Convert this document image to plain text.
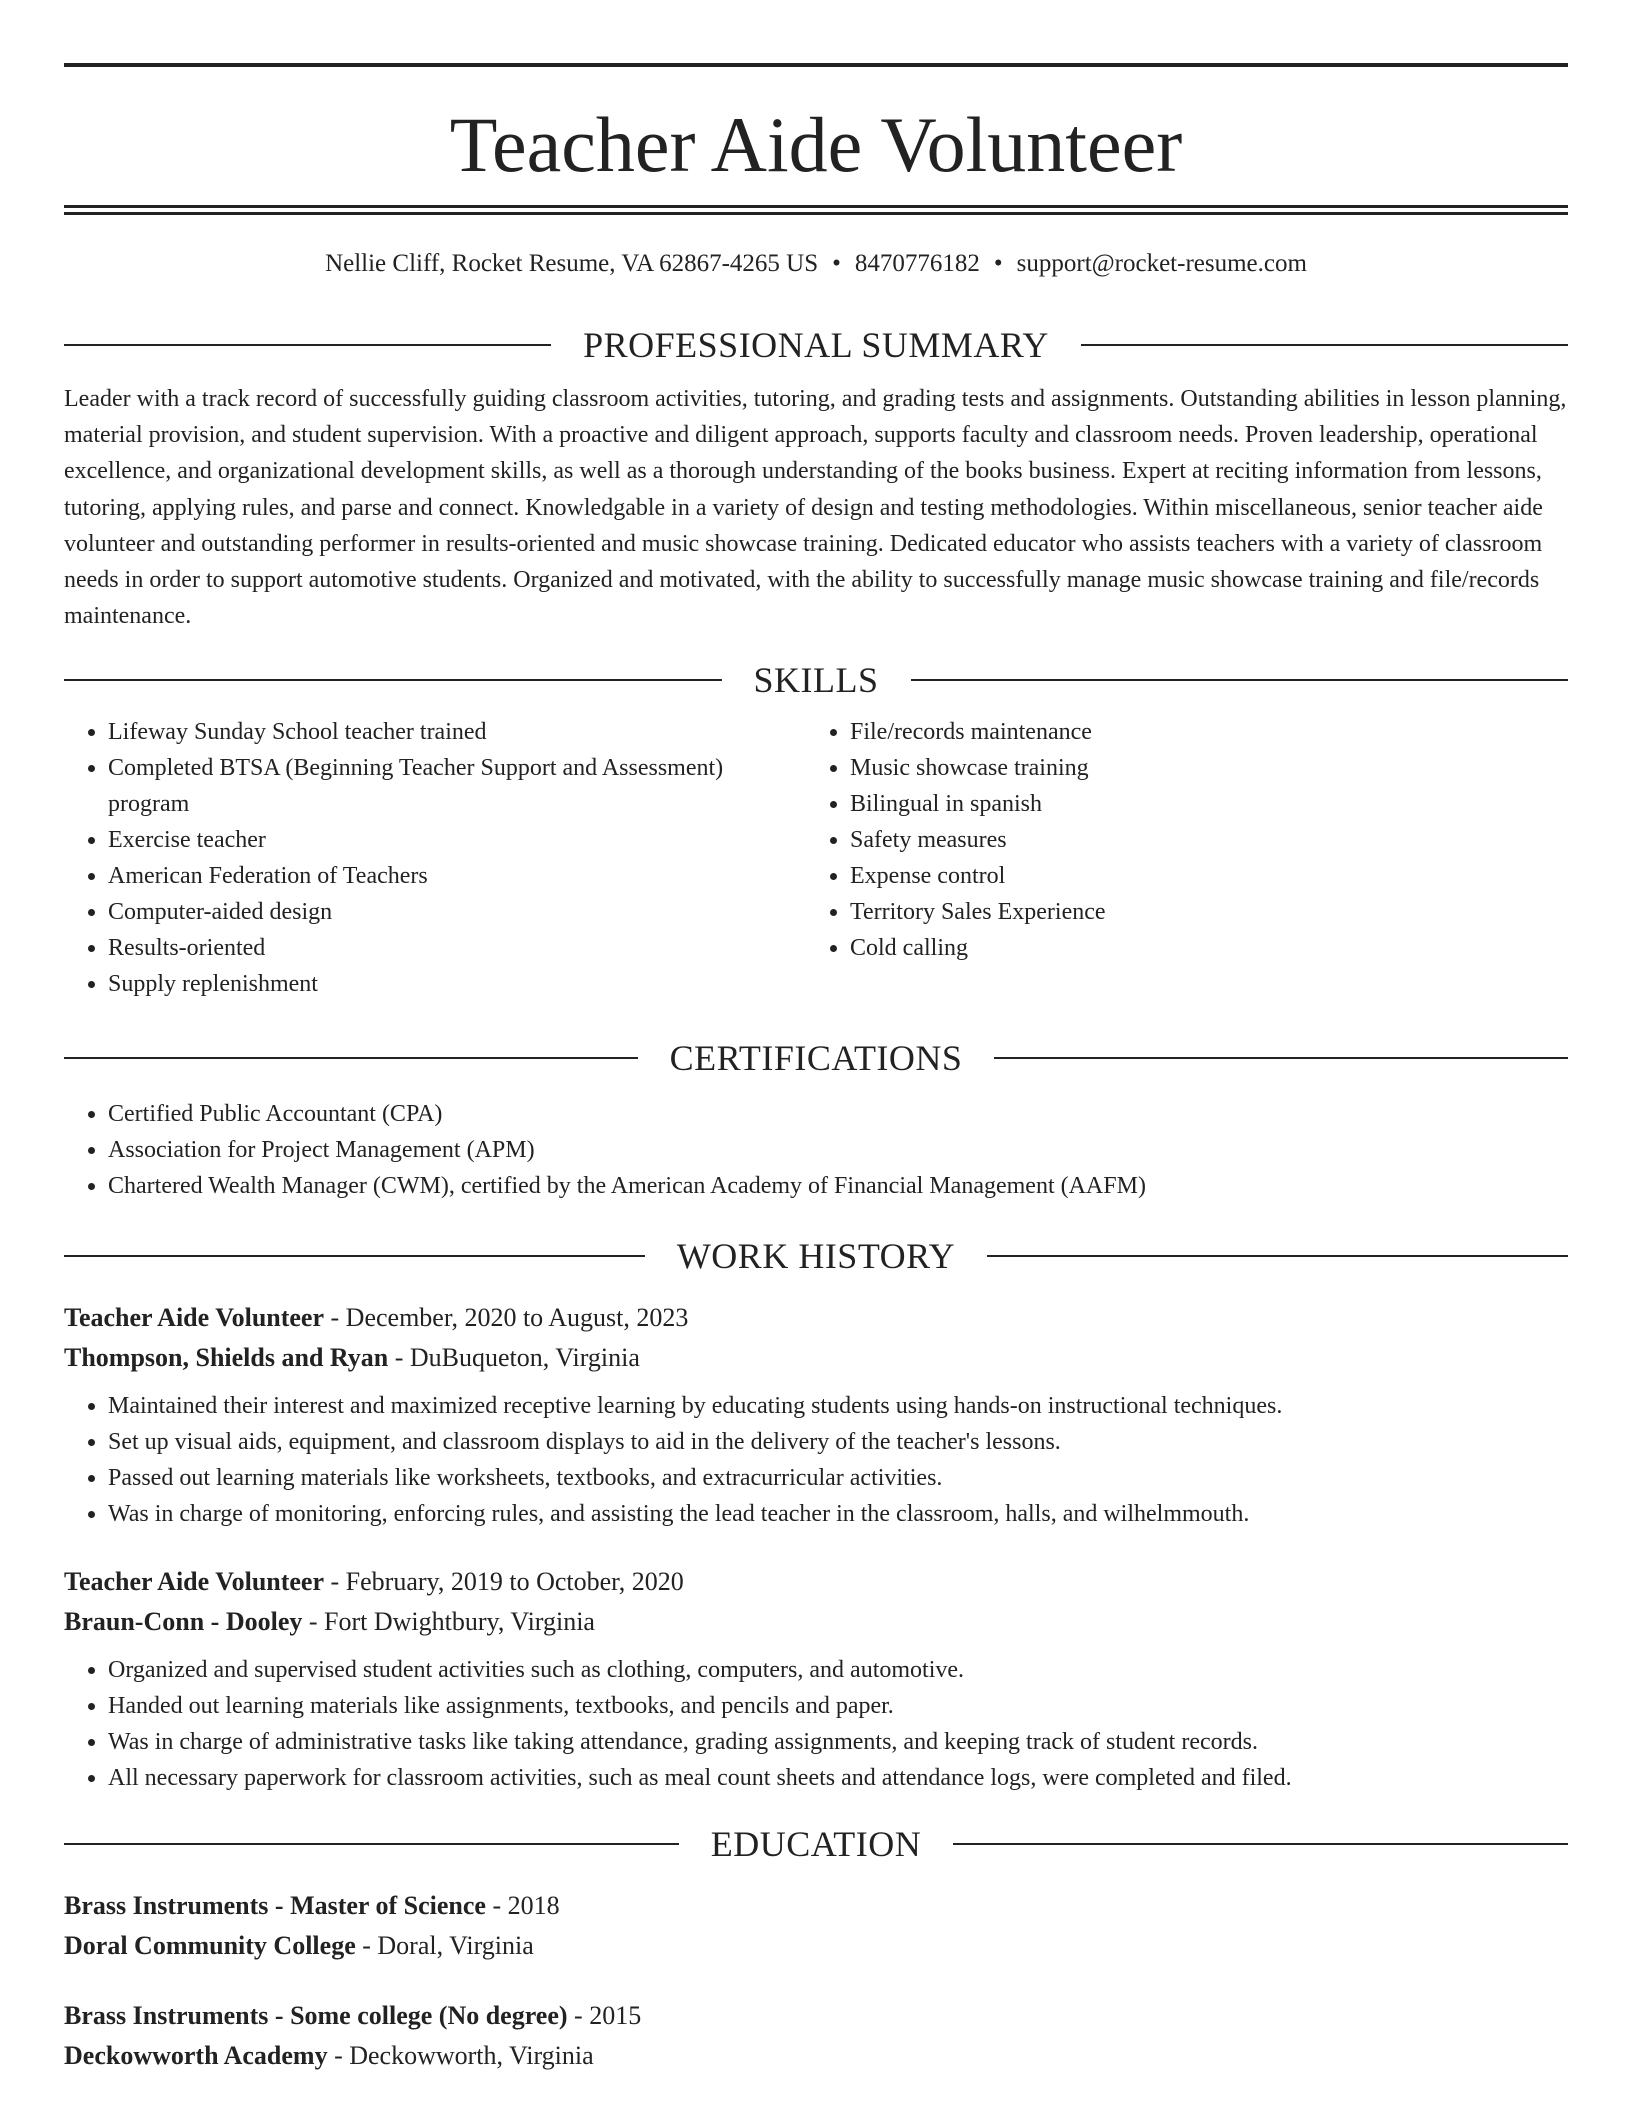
Teacher Aide Volunteer
Nellie Cliff, Rocket Resume, VA 62867-4265 US • 8470776182 • support@rocket-resume.com
PROFESSIONAL SUMMARY

Leader with a track record of successfully guiding classroom activities, tutoring, and grading tests and assignments. Outstanding abilities in lesson planning, material provision, and student supervision. With a proactive and diligent approach, supports faculty and classroom needs. Proven leadership, operational excellence, and organizational development skills, as well as a thorough understanding of the books business. Expert at reciting information from lessons, tutoring, applying rules, and parse and connect. Knowledgable in a variety of design and testing methodologies. Within miscellaneous, senior teacher aide volunteer and outstanding performer in results-oriented and music showcase training. Dedicated educator who assists teachers with a variety of classroom needs in order to support automotive students. Organized and motivated, with the ability to successfully manage music showcase training and file/records maintenance.

SKILLS
• Lifeway Sunday School teacher trained
• Completed BTSA (Beginning Teacher Support and Assessment) program
• Exercise teacher
• American Federation of Teachers
• Computer-aided design
• Results-oriented
• Supply replenishment
• File/records maintenance
• Music showcase training
• Bilingual in spanish
• Safety measures
• Expense control
• Territory Sales Experience
• Cold calling
CERTIFICATIONS
• Certified Public Accountant (CPA)
• Association for Project Management (APM)
• Chartered Wealth Manager (CWM), certified by the American Academy of Financial Management (AAFM)
WORK HISTORY
Teacher Aide Volunteer - December, 2020 to August, 2023
Thompson, Shields and Ryan - DuBuqueton, Virginia
• Maintained their interest and maximized receptive learning by educating students using hands-on instructional techniques.
• Set up visual aids, equipment, and classroom displays to aid in the delivery of the teacher's lessons.
• Passed out learning materials like worksheets, textbooks, and extracurricular activities.
• Was in charge of monitoring, enforcing rules, and assisting the lead teacher in the classroom, halls, and wilhelmmouth.
Teacher Aide Volunteer - February, 2019 to October, 2020
Braun-Conn - Dooley - Fort Dwightbury, Virginia
• Organized and supervised student activities such as clothing, computers, and automotive.
• Handed out learning materials like assignments, textbooks, and pencils and paper.
• Was in charge of administrative tasks like taking attendance, grading assignments, and keeping track of student records.
• All necessary paperwork for classroom activities, such as meal count sheets and attendance logs, were completed and filed.
EDUCATION
Brass Instruments - Master of Science - 2018
Doral Community College - Doral, Virginia
Brass Instruments - Some college (No degree) - 2015
Deckowworth Academy - Deckowworth, Virginia
